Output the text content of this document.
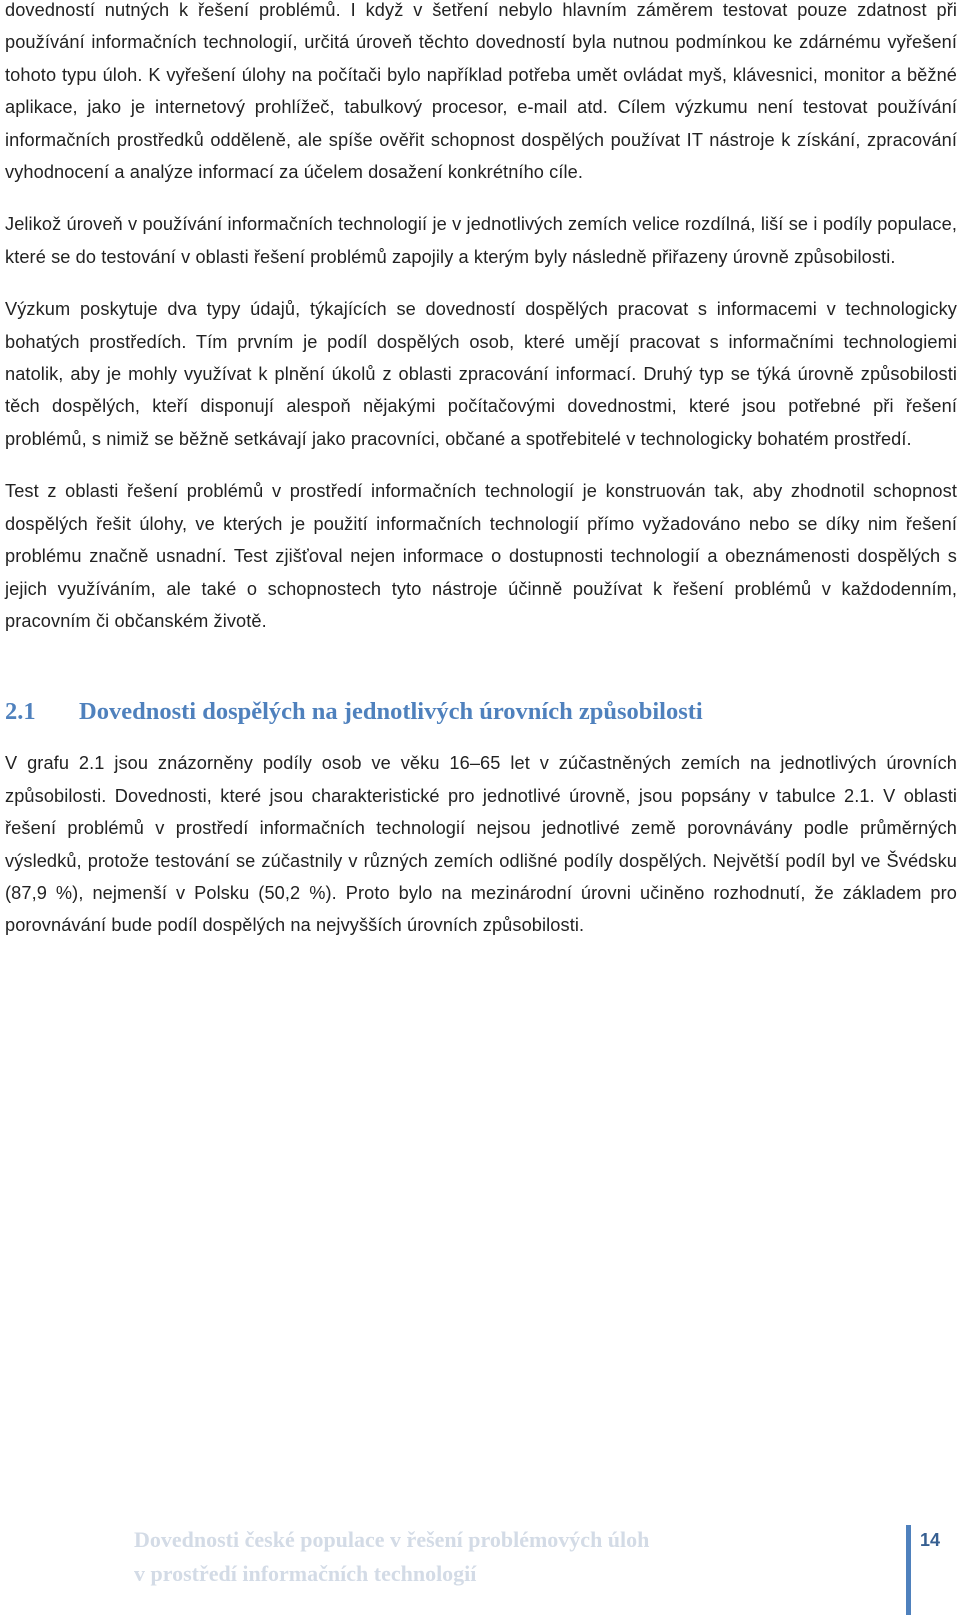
dovedností nutných k řešení problémů. I když v šetření nebylo hlavním záměrem testovat pouze zdatnost při používání informačních technologií, určitá úroveň těchto dovedností byla nutnou podmínkou ke zdárnému vyřešení tohoto typu úloh. K vyřešení úlohy na počítači bylo například potřeba umět ovládat myš, klávesnici, monitor a běžné aplikace, jako je internetový prohlížeč, tabulkový procesor, e-mail atd. Cílem výzkumu není testovat používání informačních prostředků odděleně, ale spíše ověřit schopnost dospělých používat IT nástroje k získání, zpracování vyhodnocení a analýze informací za účelem dosažení konkrétního cíle.

Jelikož úroveň v používání informačních technologií je v jednotlivých zemích velice rozdílná, liší se i podíly populace, které se do testování v oblasti řešení problémů zapojily a kterým byly následně přiřazeny úrovně způsobilosti.

Výzkum poskytuje dva typy údajů, týkajících se dovedností dospělých pracovat s informacemi v technologicky bohatých prostředích. Tím prvním je podíl dospělých osob, které umějí pracovat s informačními technologiemi natolik, aby je mohly využívat k plnění úkolů z oblasti zpracování informací. Druhý typ se týká úrovně způsobilosti těch dospělých, kteří disponují alespoň nějakými počítačovými dovednostmi, které jsou potřebné při řešení problémů, s nimiž se běžně setkávají jako pracovníci, občané a spotřebitelé v technologicky bohatém prostředí.

Test z oblasti řešení problémů v prostředí informačních technologií je konstruován tak, aby zhodnotil schopnost dospělých řešit úlohy, ve kterých je použití informačních technologií přímo vyžadováno nebo se díky nim řešení problému značně usnadní. Test zjišťoval nejen informace o dostupnosti technologií a obeznámenosti dospělých s jejich využíváním, ale také o schopnostech tyto nástroje účinně používat k řešení problémů v každodenním, pracovním či občanském životě.

2.1	Dovednosti dospělých na jednotlivých úrovních způsobilosti

V grafu 2.1 jsou znázorněny podíly osob ve věku 16–65 let v zúčastněných zemích na jednotlivých úrovních způsobilosti. Dovednosti, které jsou charakteristické pro jednotlivé úrovně, jsou popsány v tabulce 2.1. V oblasti řešení problémů v prostředí informačních technologií nejsou jednotlivé země porovnávány podle průměrných výsledků, protože testování se zúčastnily v různých zemích odlišné podíly dospělých. Největší podíl byl ve Švédsku (87,9 %), nejmenší v Polsku (50,2 %). Proto bylo na mezinárodní úrovni učiněno rozhodnutí, že základem pro porovnávání bude podíl dospělých na nejvyšších úrovních způsobilosti.

Dovednosti české populace v řešení problémových úloh
v prostředí informačních technologií
14
